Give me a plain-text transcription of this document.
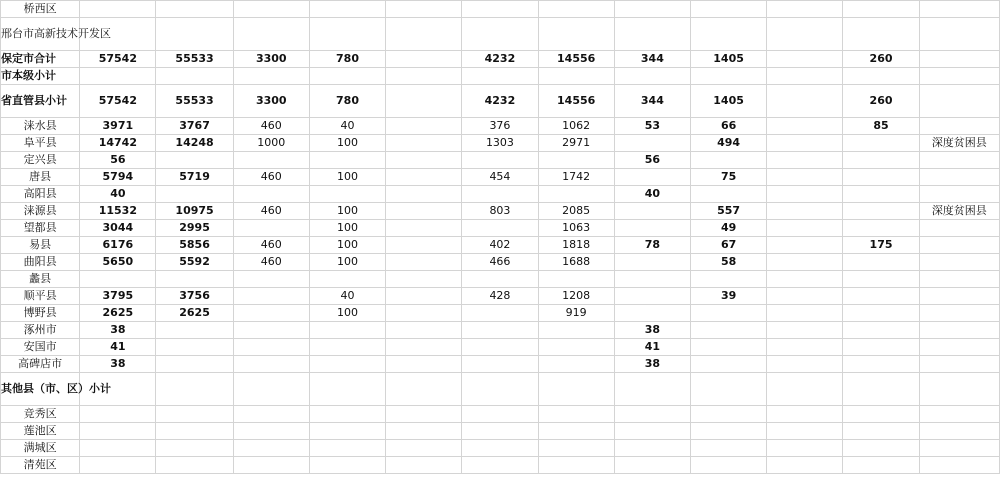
桥西区												
邢台市高新技术开发区												
保定市合计	57542	55533	3300	780		4232	14556	344	1405		260	
市本级小计												
省直管县小计	57542	55533	3300	780		4232	14556	344	1405		260	
涞水县	3971	3767	460	40		376	1062	53	66		85	
阜平县	14742	14248	1000	100		1303	2971		494			深度贫困县
定兴县	56							56				
唐县	5794	5719	460	100		454	1742		75			
高阳县	40							40				
涞源县	11532	10975	460	100		803	2085		557			深度贫困县
望都县	3044	2995		100			1063		49			
易县	6176	5856	460	100		402	1818	78	67		175	
曲阳县	5650	5592	460	100		466	1688		58			
蠡县												
顺平县	3795	3756		40		428	1208		39			
博野县	2625	2625		100			919					
涿州市	38							38				
安国市	41							41				
高碑店市	38							38				
其他县（市、区）小计												
竞秀区												
莲池区												
满城区												
清苑区												
